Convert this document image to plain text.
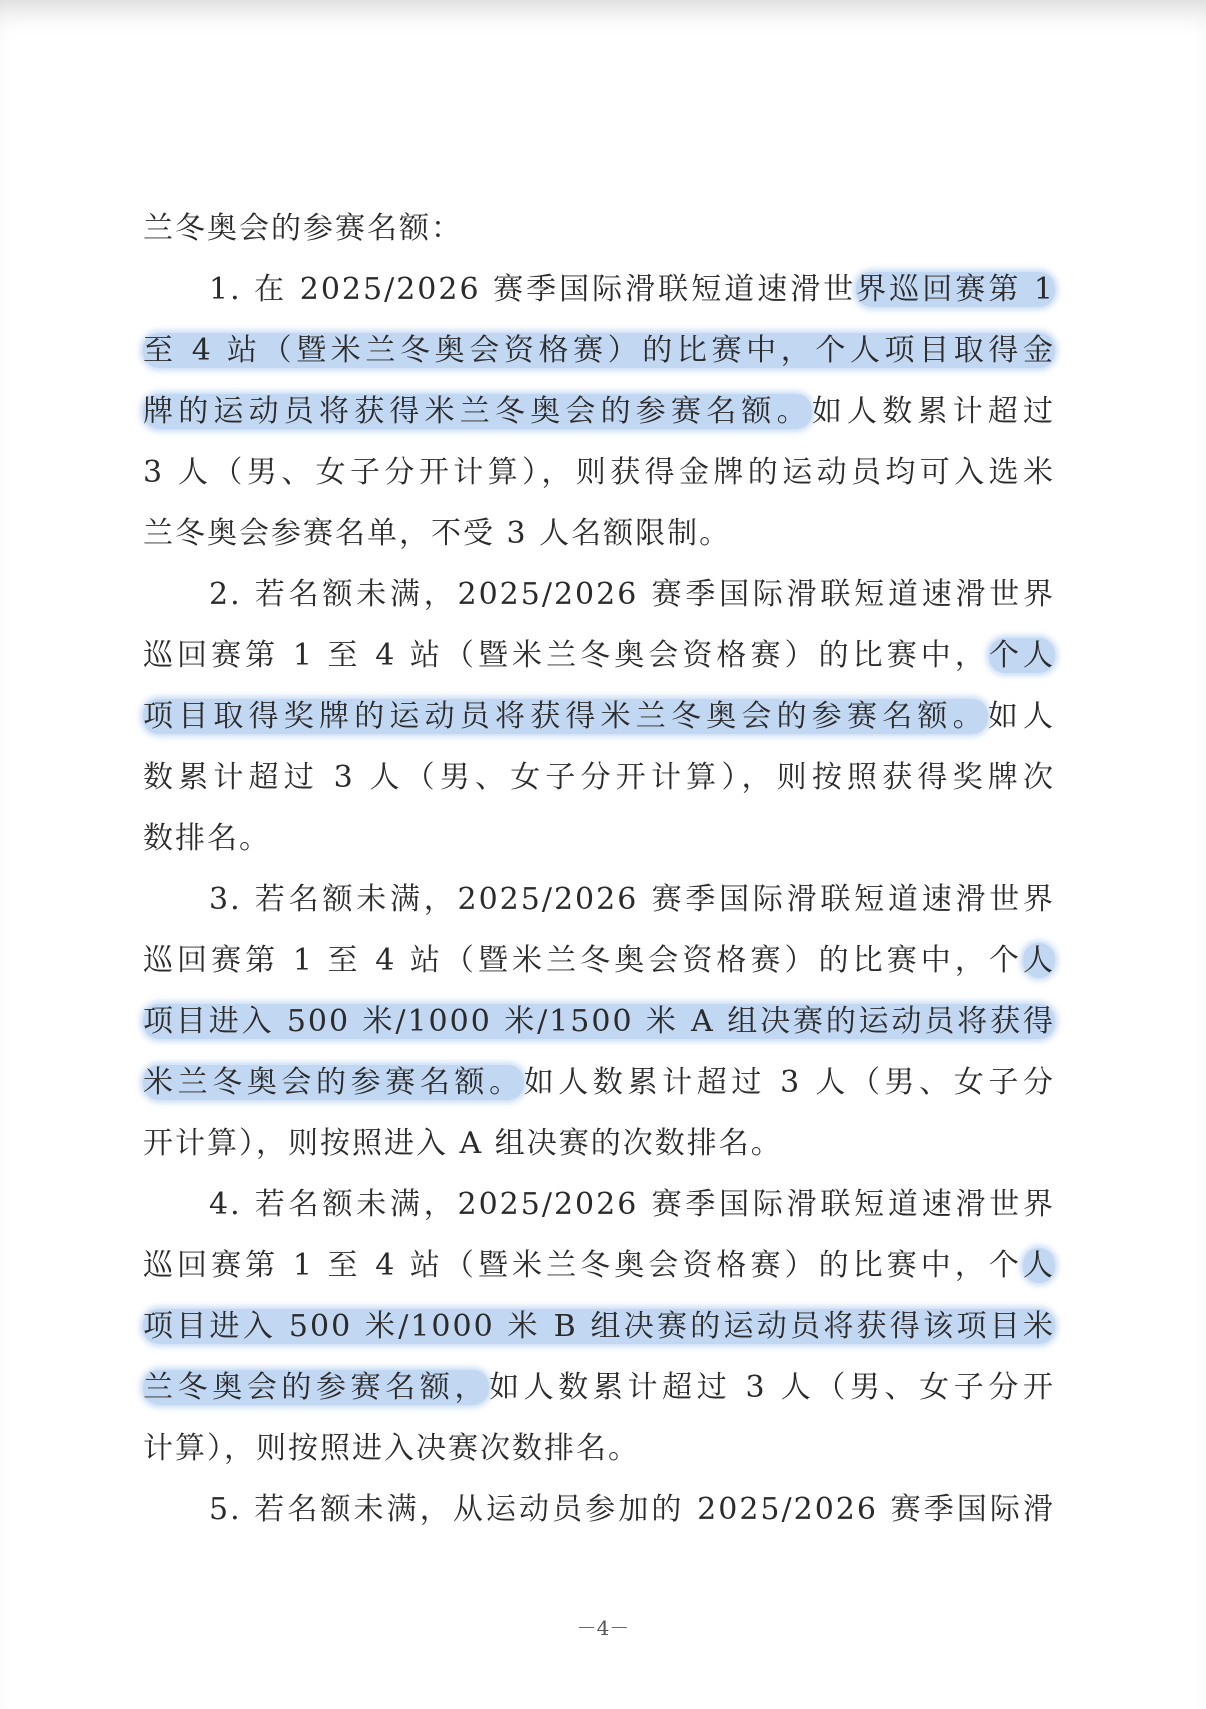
兰冬奥会的参赛名额：
1. 在 2025/2026 赛季国际滑联短道速滑世界巡回赛第 1
至 4 站（暨米兰冬奥会资格赛）的比赛中，个人项目取得金
牌的运动员将获得米兰冬奥会的参赛名额。如人数累计超过
3 人（男、女子分开计算），则获得金牌的运动员均可入选米
兰冬奥会参赛名单，不受 3 人名额限制。
2. 若名额未满，2025/2026 赛季国际滑联短道速滑世界
巡回赛第 1 至 4 站（暨米兰冬奥会资格赛）的比赛中，个人
项目取得奖牌的运动员将获得米兰冬奥会的参赛名额。如人
数累计超过 3 人（男、女子分开计算），则按照获得奖牌次
数排名。
3. 若名额未满，2025/2026 赛季国际滑联短道速滑世界
巡回赛第 1 至 4 站（暨米兰冬奥会资格赛）的比赛中，个人
项目进入 500 米/1000 米/1500 米 A 组决赛的运动员将获得
米兰冬奥会的参赛名额。如人数累计超过 3 人（男、女子分
开计算），则按照进入 A 组决赛的次数排名。
4. 若名额未满，2025/2026 赛季国际滑联短道速滑世界
巡回赛第 1 至 4 站（暨米兰冬奥会资格赛）的比赛中，个人
项目进入 500 米/1000 米 B 组决赛的运动员将获得该项目米
兰冬奥会的参赛名额，如人数累计超过 3 人（男、女子分开
计算），则按照进入决赛次数排名。
5. 若名额未满，从运动员参加的 2025/2026 赛季国际滑
－4－
